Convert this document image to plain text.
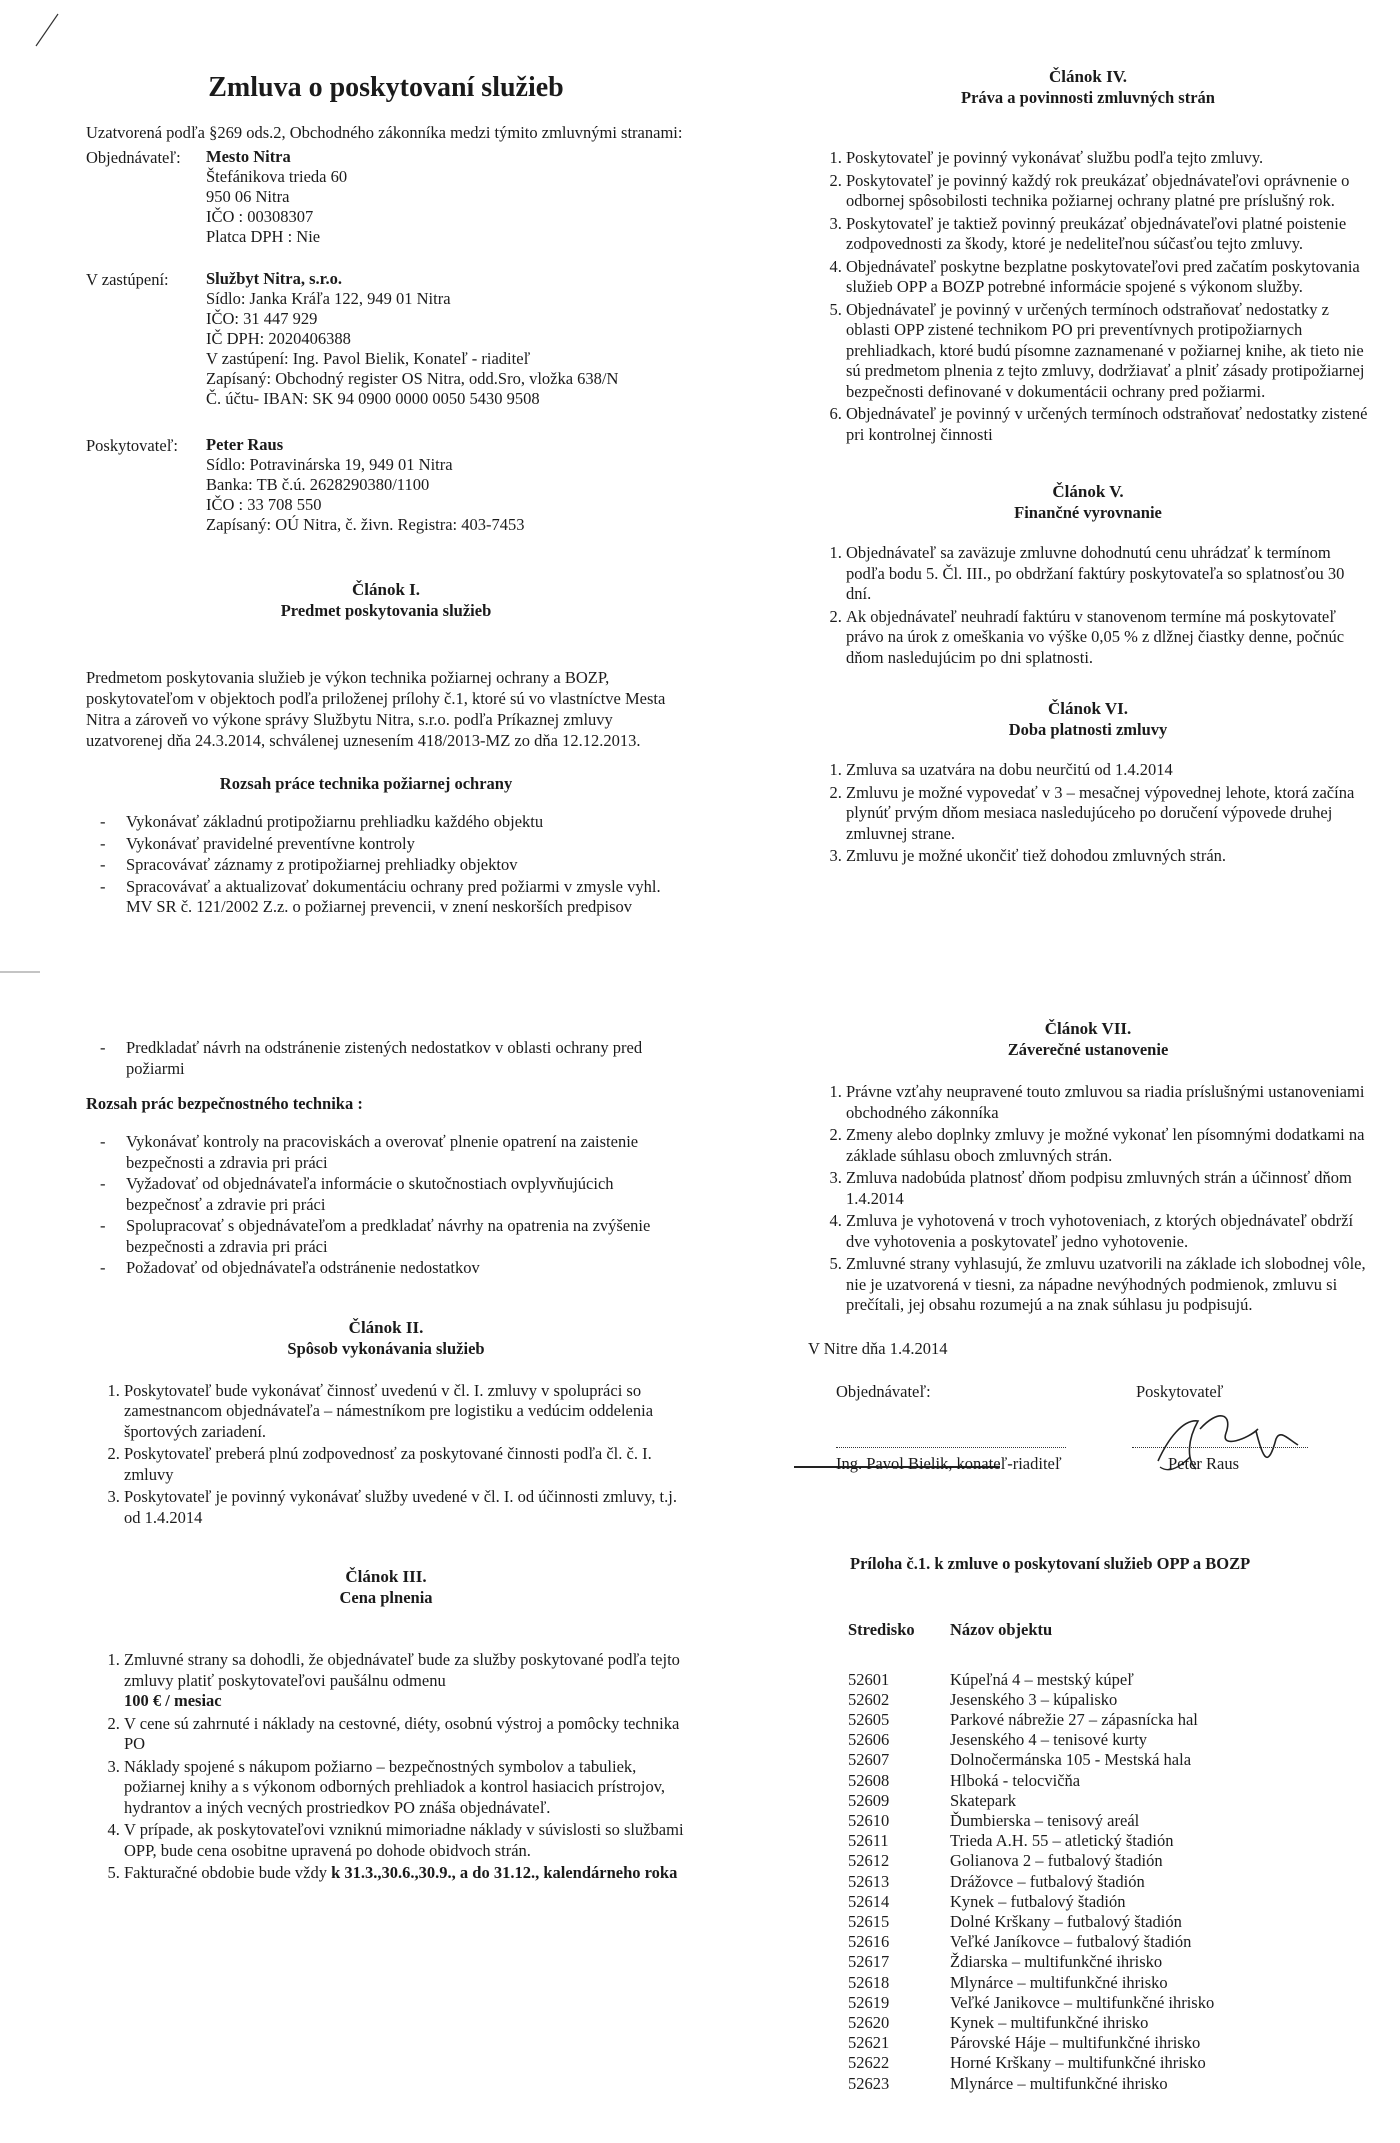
Zmluva o poskytovaní služieb

Uzatvorená podľa §269 ods.2, Obchodného zákonníka medzi týmito zmluvnými stranami:

Objednávateľ:	Mesto Nitra
Štefánikova trieda 60
950 06 Nitra
IČO : 00308307
Platca DPH : Nie
V zastúpení:	Službyt Nitra, s.r.o.
Sídlo: Janka Kráľa 122, 949 01 Nitra
IČO: 31 447 929
IČ DPH: 2020406388
V zastúpení: Ing. Pavol Bielik, Konateľ - riaditeľ
Zapísaný: Obchodný register OS Nitra, odd.Sro, vložka 638/N
Č. účtu- IBAN: SK 94 0900 0000 0050 5430 9508
Poskytovateľ:	Peter Raus
Sídlo: Potravinárska 19, 949 01 Nitra
Banka: TB č.ú. 2628290380/1100
IČO : 33 708 550
Zapísaný: OÚ Nitra, č. živn. Registra: 403-7453
Článok I.
Predmet poskytovania služieb

Predmetom poskytovania služieb je výkon technika požiarnej ochrany a BOZP, poskytovateľom v objektoch podľa priloženej prílohy č.1, ktoré sú vo vlastníctve Mesta Nitra a zároveň vo výkone správy Službytu Nitra, s.r.o. podľa Príkaznej zmluvy uzatvorenej dňa 24.3.2014, schválenej uznesením 418/2013-MZ zo dňa 12.12.2013.

Rozsah práce technika požiarnej ochrany
- Vykonávať základnú protipožiarnu prehliadku každého objektu
- Vykonávať pravidelné preventívne kontroly
- Spracovávať záznamy z protipožiarnej prehliadky objektov
- Spracovávať a aktualizovať dokumentáciu ochrany pred požiarmi v zmysle vyhl. MV SR č. 121/2002 Z.z. o požiarnej prevencii, v znení neskorších predpisov
- Predkladať návrh na odstránenie zistených nedostatkov v oblasti ochrany pred požiarmi
Rozsah prác bezpečnostného technika :
- Vykonávať kontroly na pracoviskách a overovať plnenie opatrení na zaistenie bezpečnosti a zdravia pri práci
- Vyžadovať od objednávateľa informácie o skutočnostiach ovplyvňujúcich bezpečnosť a zdravie pri práci
- Spolupracovať s objednávateľom a predkladať návrhy na opatrenia na zvýšenie bezpečnosti a zdravia pri práci
- Požadovať od objednávateľa odstránenie nedostatkov
Článok II.
Spôsob vykonávania služieb
1. Poskytovateľ bude vykonávať činnosť uvedenú v čl. I. zmluvy v spolupráci so zamestnancom objednávateľa – námestníkom pre logistiku a vedúcim oddelenia športových zariadení.
2. Poskytovateľ preberá plnú zodpovednosť za poskytované činnosti podľa čl. č. I. zmluvy
3. Poskytovateľ je povinný vykonávať služby uvedené v čl. I. od účinnosti zmluvy, t.j. od 1.4.2014
Článok III.
Cena plnenia
1. Zmluvné strany sa dohodli, že objednávateľ bude za služby poskytované podľa tejto zmluvy platiť poskytovateľovi paušálnu odmenu
100 € / mesiac
2. V cene sú zahrnuté i náklady na cestovné, diéty, osobnú výstroj a pomôcky technika PO
3. Náklady spojené s nákupom požiarno – bezpečnostných symbolov a tabuliek, požiarnej knihy a s výkonom odborných prehliadok a kontrol hasiacich prístrojov, hydrantov a iných vecných prostriedkov PO znáša objednávateľ.
4. V prípade, ak poskytovateľovi vzniknú mimoriadne náklady v súvislosti so službami OPP, bude cena osobitne upravená po dohode obidvoch strán.
5. Fakturačné obdobie bude vždy k 31.3.,30.6.,30.9., a do 31.12., kalendárneho roka
Článok IV.
Práva a povinnosti zmluvných strán
1. Poskytovateľ je povinný vykonávať službu podľa tejto zmluvy.
2. Poskytovateľ je povinný každý rok preukázať objednávateľovi oprávnenie o odbornej spôsobilosti technika požiarnej ochrany platné pre príslušný rok.
3. Poskytovateľ je taktiež povinný preukázať objednávateľovi platné poistenie zodpovednosti za škody, ktoré je nedeliteľnou súčasťou tejto zmluvy.
4. Objednávateľ poskytne bezplatne poskytovateľovi pred začatím poskytovania služieb OPP a BOZP potrebné informácie spojené s výkonom služby.
5. Objednávateľ je povinný v určených termínoch odstraňovať nedostatky z oblasti OPP zistené technikom PO pri preventívnych protipožiarnych prehliadkach, ktoré budú písomne zaznamenané v požiarnej knihe, ak tieto nie sú predmetom plnenia z tejto zmluvy, dodržiavať a plniť zásady protipožiarnej bezpečnosti definované v dokumentácii ochrany pred požiarmi.
6. Objednávateľ je povinný v určených termínoch odstraňovať nedostatky zistené pri kontrolnej činnosti
Článok V.
Finančné vyrovnanie
1. Objednávateľ sa zaväzuje zmluvne dohodnutú cenu uhrádzať k termínom podľa bodu 5. Čl. III., po obdržaní faktúry poskytovateľa so splatnosťou 30 dní.
2. Ak objednávateľ neuhradí faktúru v stanovenom termíne má poskytovateľ právo na úrok z omeškania vo výške 0,05 % z dlžnej čiastky denne, počnúc dňom nasledujúcim po dni splatnosti.
Článok VI.
Doba platnosti zmluvy
1. Zmluva sa uzatvára na dobu neurčitú od 1.4.2014
2. Zmluvu je možné vypovedať v 3 – mesačnej výpovednej lehote, ktorá začína plynúť prvým dňom mesiaca nasledujúceho po doručení výpovede druhej zmluvnej strane.
3. Zmluvu je možné ukončiť tiež dohodou zmluvných strán.
Článok VII.
Záverečné ustanovenie
1. Právne vzťahy neupravené touto zmluvou sa riadia príslušnými ustanoveniami obchodného zákonníka
2. Zmeny alebo doplnky zmluvy je možné vykonať len písomnými dodatkami na základe súhlasu oboch zmluvných strán.
3. Zmluva nadobúda platnosť dňom podpisu zmluvných strán a účinnosť dňom 1.4.2014
4. Zmluva je vyhotovená v troch vyhotoveniach, z ktorých objednávateľ obdrží dve vyhotovenia a poskytovateľ jedno vyhotovenie.
5. Zmluvné strany vyhlasujú, že zmluvu uzatvorili na základe ich slobodnej vôle, nie je uzatvorená v tiesni, za nápadne nevýhodných podmienok, zmluvu si prečítali, jej obsahu rozumejú a na znak súhlasu ju podpisujú.
V Nitre dňa 1.4.2014
Objednávateľ:	Poskytovateľ
Ing. Pavol Bielik, konateľ-riaditeľ	Peter Raus
Príloha č.1. k zmluve o poskytovaní služieb OPP a BOZP
Stredisko	Názov objektu
52601	Kúpeľná 4 – mestský kúpeľ
52602	Jesenského 3 – kúpalisko
52605	Parkové nábrežie 27 – zápasnícka hal
52606	Jesenského 4 – tenisové kurty
52607	Dolnočermánska 105 - Mestská hala
52608	Hlboká - telocvičňa
52609	Skatepark
52610	Ďumbierska – tenisový areál
52611	Trieda A.H. 55 – atletický štadión
52612	Golianova 2 – futbalový štadión
52613	Drážovce – futbalový štadión
52614	Kynek – futbalový štadión
52615	Dolné Krškany – futbalový štadión
52616	Veľké Janíkovce – futbalový štadión
52617	Ždiarska – multifunkčné ihrisko
52618	Mlynárce – multifunkčné ihrisko
52619	Veľké Janikovce – multifunkčné ihrisko
52620	Kynek – multifunkčné ihrisko
52621	Párovské Háje – multifunkčné ihrisko
52622	Horné Krškany – multifunkčné ihrisko
52623	Mlynárce – multifunkčné ihrisko
